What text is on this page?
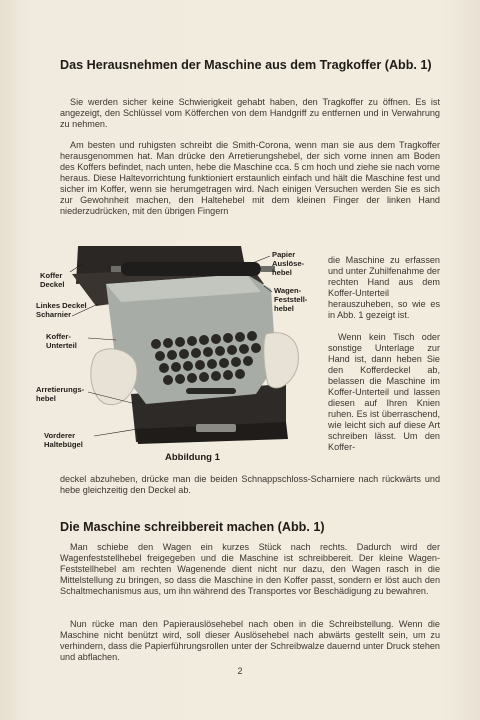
Das Herausnehmen der Maschine aus dem Tragkoffer (Abb. 1)

Sie werden sicher keine Schwierigkeit gehabt haben, den Tragkoffer zu öffnen. Es ist angezeigt, den Schlüssel vom Köfferchen von dem Handgriff zu entfernen und in Verwahrung zu nehmen.

Am besten und ruhigsten schreibt die Smith-Corona, wenn man sie aus dem Tragkoffer herausgenommen hat. Man drücke den Arretierungshebel, der sich vorne innen am Boden des Koffers befindet, nach unten, hebe die Maschine cca. 5 cm hoch und ziehe sie nach vorne heraus. Diese Haltevorrichtung funktioniert erstaunlich einfach und hält die Maschine fest und sicher im Koffer, wenn sie herumgetragen wird. Nach einigen Versuchen werden Sie es sich zur Gewohnheit machen, den Haltehebel mit dem kleinen Finger der linken Hand niederzudrücken, mit den übrigen Fingern

Koffer Deckel
Linkes Deckel Scharnier
Koffer-Unterteil
Arretierungs-hebel
Vorderer Haltebügel
Papier Auslöse-hebel
Wagen-Feststell-hebel
Abbildung 1

die Maschine zu erfassen und unter Zuhilfenahme der rechten Hand aus dem Koffer-Unterteil herauszuheben, so wie es in Abb. 1 gezeigt ist.

Wenn kein Tisch oder sonstige Unterlage zur Hand ist, dann heben Sie den Kofferdeckel ab, belassen die Maschine im Koffer-Unterteil und lassen diesen auf Ihren Knien ruhen. Es ist überraschend, wie leicht sich auf diese Art schreiben lässt. Um den Koffer-

deckel abzuheben, drücke man die beiden Schnappschloss-Scharniere nach rückwärts und hebe gleichzeitig den Deckel ab.

Die Maschine schreibbereit machen (Abb. 1)

Man schiebe den Wagen ein kurzes Stück nach rechts. Dadurch wird der Wagenfeststellhebel freigegeben und die Maschine ist schreibbereit. Der kleine Wagen-Feststellhebel am rechten Wagenende dient nicht nur dazu, den Wagen rasch in die Mittelstellung zu bringen, so dass die Maschine in den Koffer passt, sondern er löst auch den Schaltmechanismus aus, um ihn während des Transportes vor Beschädigung zu bewahren.

Nun rücke man den Papierauslösehebel nach oben in die Schreibstellung. Wenn die Maschine nicht benützt wird, soll dieser Auslösehebel nach abwärts gestellt sein, um zu verhindern, dass die Papierführungsrollen unter der Schreibwalze dauernd unter Druck stehen und abflachen.

2
